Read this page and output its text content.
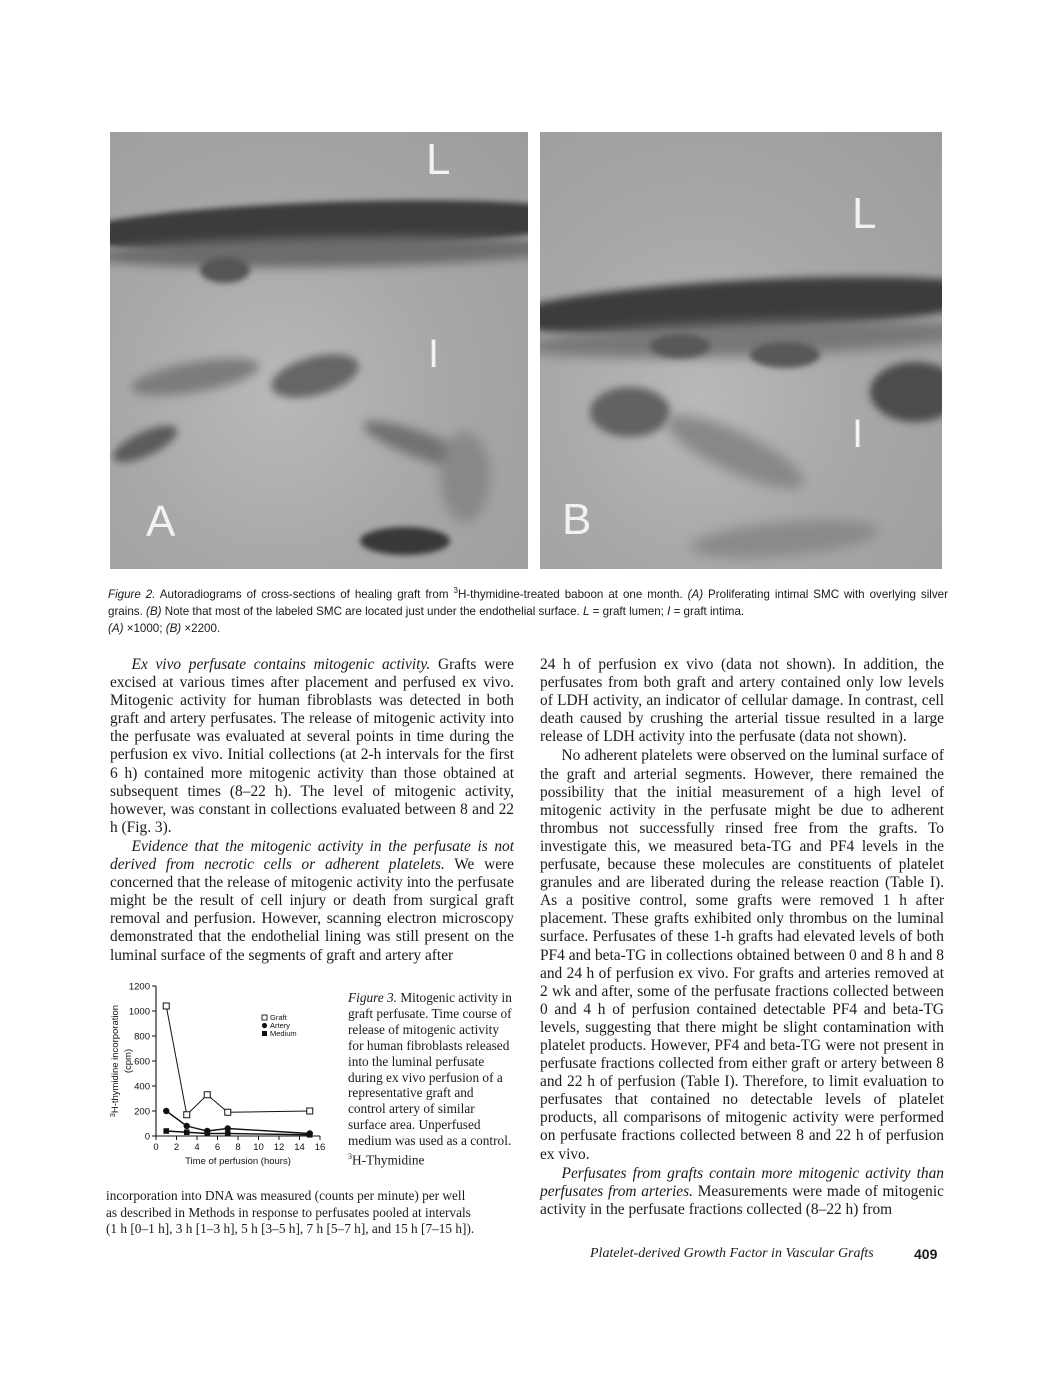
L
I
A
L
I
B
Figure 2. Autoradiograms of cross-sections of healing graft from $^3$H-thymidine-treated baboon at one month. (A) Proliferating intimal SMC with overlying silver grains. (B) Note that most of the labeled SMC are located just under the endothelial surface. L = graft lumen; I = graft intima.
(A) ×1000; (B) ×2200.

Ex vivo perfusate contains mitogenic activity. Grafts were excised at various times after placement and perfused ex vivo. Mitogenic activity for human fibroblasts was detected in both graft and artery perfusates. The release of mitogenic activity into the perfusate was evaluated at several points in time during the perfusion ex vivo. Initial collections (at 2-h intervals for the first 6 h) contained more mitogenic activity than those obtained at subsequent times (8–22 h). The level of mitogenic activity, however, was constant in collections evaluated between 8 and 22 h (Fig. 3).

Evidence that the mitogenic activity in the perfusate is not derived from necrotic cells or adherent platelets. We were concerned that the release of mitogenic activity into the perfusate might be the result of cell injury or death from surgical graft removal and perfusion. However, scanning electron microscopy demonstrated that the endothelial lining was still present on the luminal surface of the segments of graft and artery after

0
200
400
600
800
1000
1200
0 2 4 6 8 10 12 14 16
Time of perfusion (hours)
$^3$H-thymidine incorporation (cpm)
Graft
Artery
Medium
Figure 3. Mitogenic activity in graft perfusate. Time course of release of mitogenic activity for human fibroblasts released into the luminal perfusate during ex vivo perfusion of a representative graft and control artery of similar surface area. Unperfused medium was used as a control. $^3$H-Thymidine
incorporation into DNA was measured (counts per minute) per well
as described in Methods in response to perfusates pooled at intervals
(1 h [0–1 h], 3 h [1–3 h], 5 h [3–5 h], 7 h [5–7 h], and 15 h [7–15 h]).

24 h of perfusion ex vivo (data not shown). In addition, the perfusates from both graft and artery contained only low levels of LDH activity, an indicator of cellular damage. In contrast, cell death caused by crushing the arterial tissue resulted in a large release of LDH activity into the perfusate (data not shown).

No adherent platelets were observed on the luminal surface of the graft and arterial segments. However, there remained the possibility that the initial measurement of a high level of mitogenic activity in the perfusate might be due to adherent thrombus not successfully rinsed free from the grafts. To investigate this, we measured beta-TG and PF4 levels in the perfusate, because these molecules are constituents of platelet granules and are liberated during the release reaction (Table I). As a positive control, some grafts were removed 1 h after placement. These grafts exhibited only thrombus on the luminal surface. Perfusates of these 1-h grafts had elevated levels of both PF4 and beta-TG in collections obtained between 0 and 8 h and 8 and 24 h of perfusion ex vivo. For grafts and arteries removed at 2 wk and after, some of the perfusate fractions collected between 0 and 4 h of perfusion contained detectable PF4 and beta-TG levels, suggesting that there might be slight contamination with platelet products. However, PF4 and beta-TG were not present in perfusate fractions collected from either graft or artery between 8 and 22 h of perfusion (Table I). Therefore, to limit evaluation to perfusates that contained no detectable levels of platelet products, all comparisons of mitogenic activity were performed on perfusate fractions collected between 8 and 22 h of perfusion ex vivo.

Perfusates from grafts contain more mitogenic activity than perfusates from arteries. Measurements were made of mitogenic activity in the perfusate fractions collected (8–22 h) from

Platelet-derived Growth Factor in Vascular Grafts	409
